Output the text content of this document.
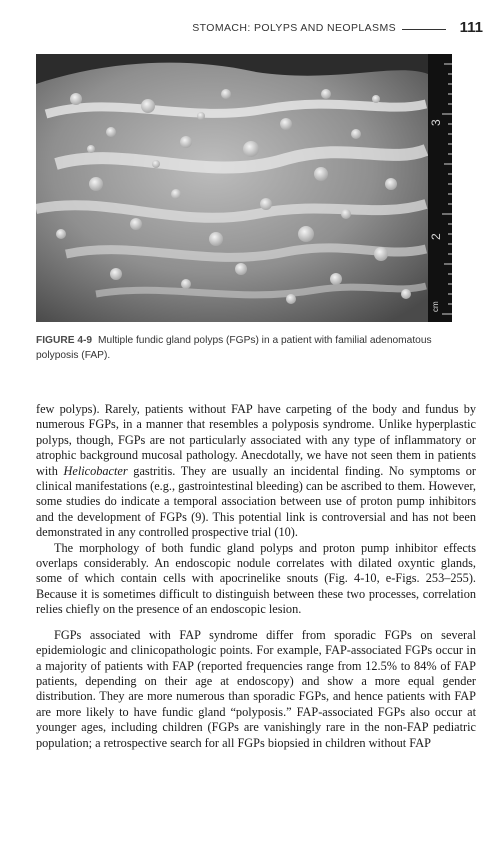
STOMACH: POLYPS AND NEOPLASMS	111
3
2
cm
FIGURE 4-9 Multiple fundic gland polyps (FGPs) in a patient with familial adenomatous polyposis (FAP).

few polyps). Rarely, patients without FAP have carpeting of the body and fundus by numerous FGPs, in a manner that resembles a polyposis syndrome. Unlike hyperplastic polyps, though, FGPs are not particularly associated with any type of inflammatory or atrophic background mucosal pathology. Anecdotally, we have not seen them in patients with Helicobacter gastritis. They are usually an incidental finding. No symptoms or clinical manifestations (e.g., gastrointestinal bleeding) can be ascribed to them. However, some studies do indicate a temporal association between use of proton pump inhibitors and the development of FGPs (9). This potential link is controversial and has not been demonstrated in any controlled prospective trial (10).

The morphology of both fundic gland polyps and proton pump inhibitor effects overlaps considerably. An endoscopic nodule correlates with dilated oxyntic glands, some of which contain cells with apocrinelike snouts (Fig. 4-10, e-Figs. 253–255). Because it is sometimes difficult to distinguish between these two processes, correlation relies chiefly on the presence of an endoscopic lesion.

FGPs associated with FAP syndrome differ from sporadic FGPs on several epidemiologic and clinicopathologic points. For example, FAP-associated FGPs occur in a majority of patients with FAP (reported frequencies range from 12.5% to 84% of FAP patients, depending on their age at endoscopy) and show a more equal gender distribution. They are more numerous than sporadic FGPs, and hence patients with FAP are more likely to have fundic gland “polyposis.” FAP-associated FGPs also occur at younger ages, including children (FGPs are vanishingly rare in the non-FAP pediatric population; a retrospective search for all FGPs biopsied in children without FAP
